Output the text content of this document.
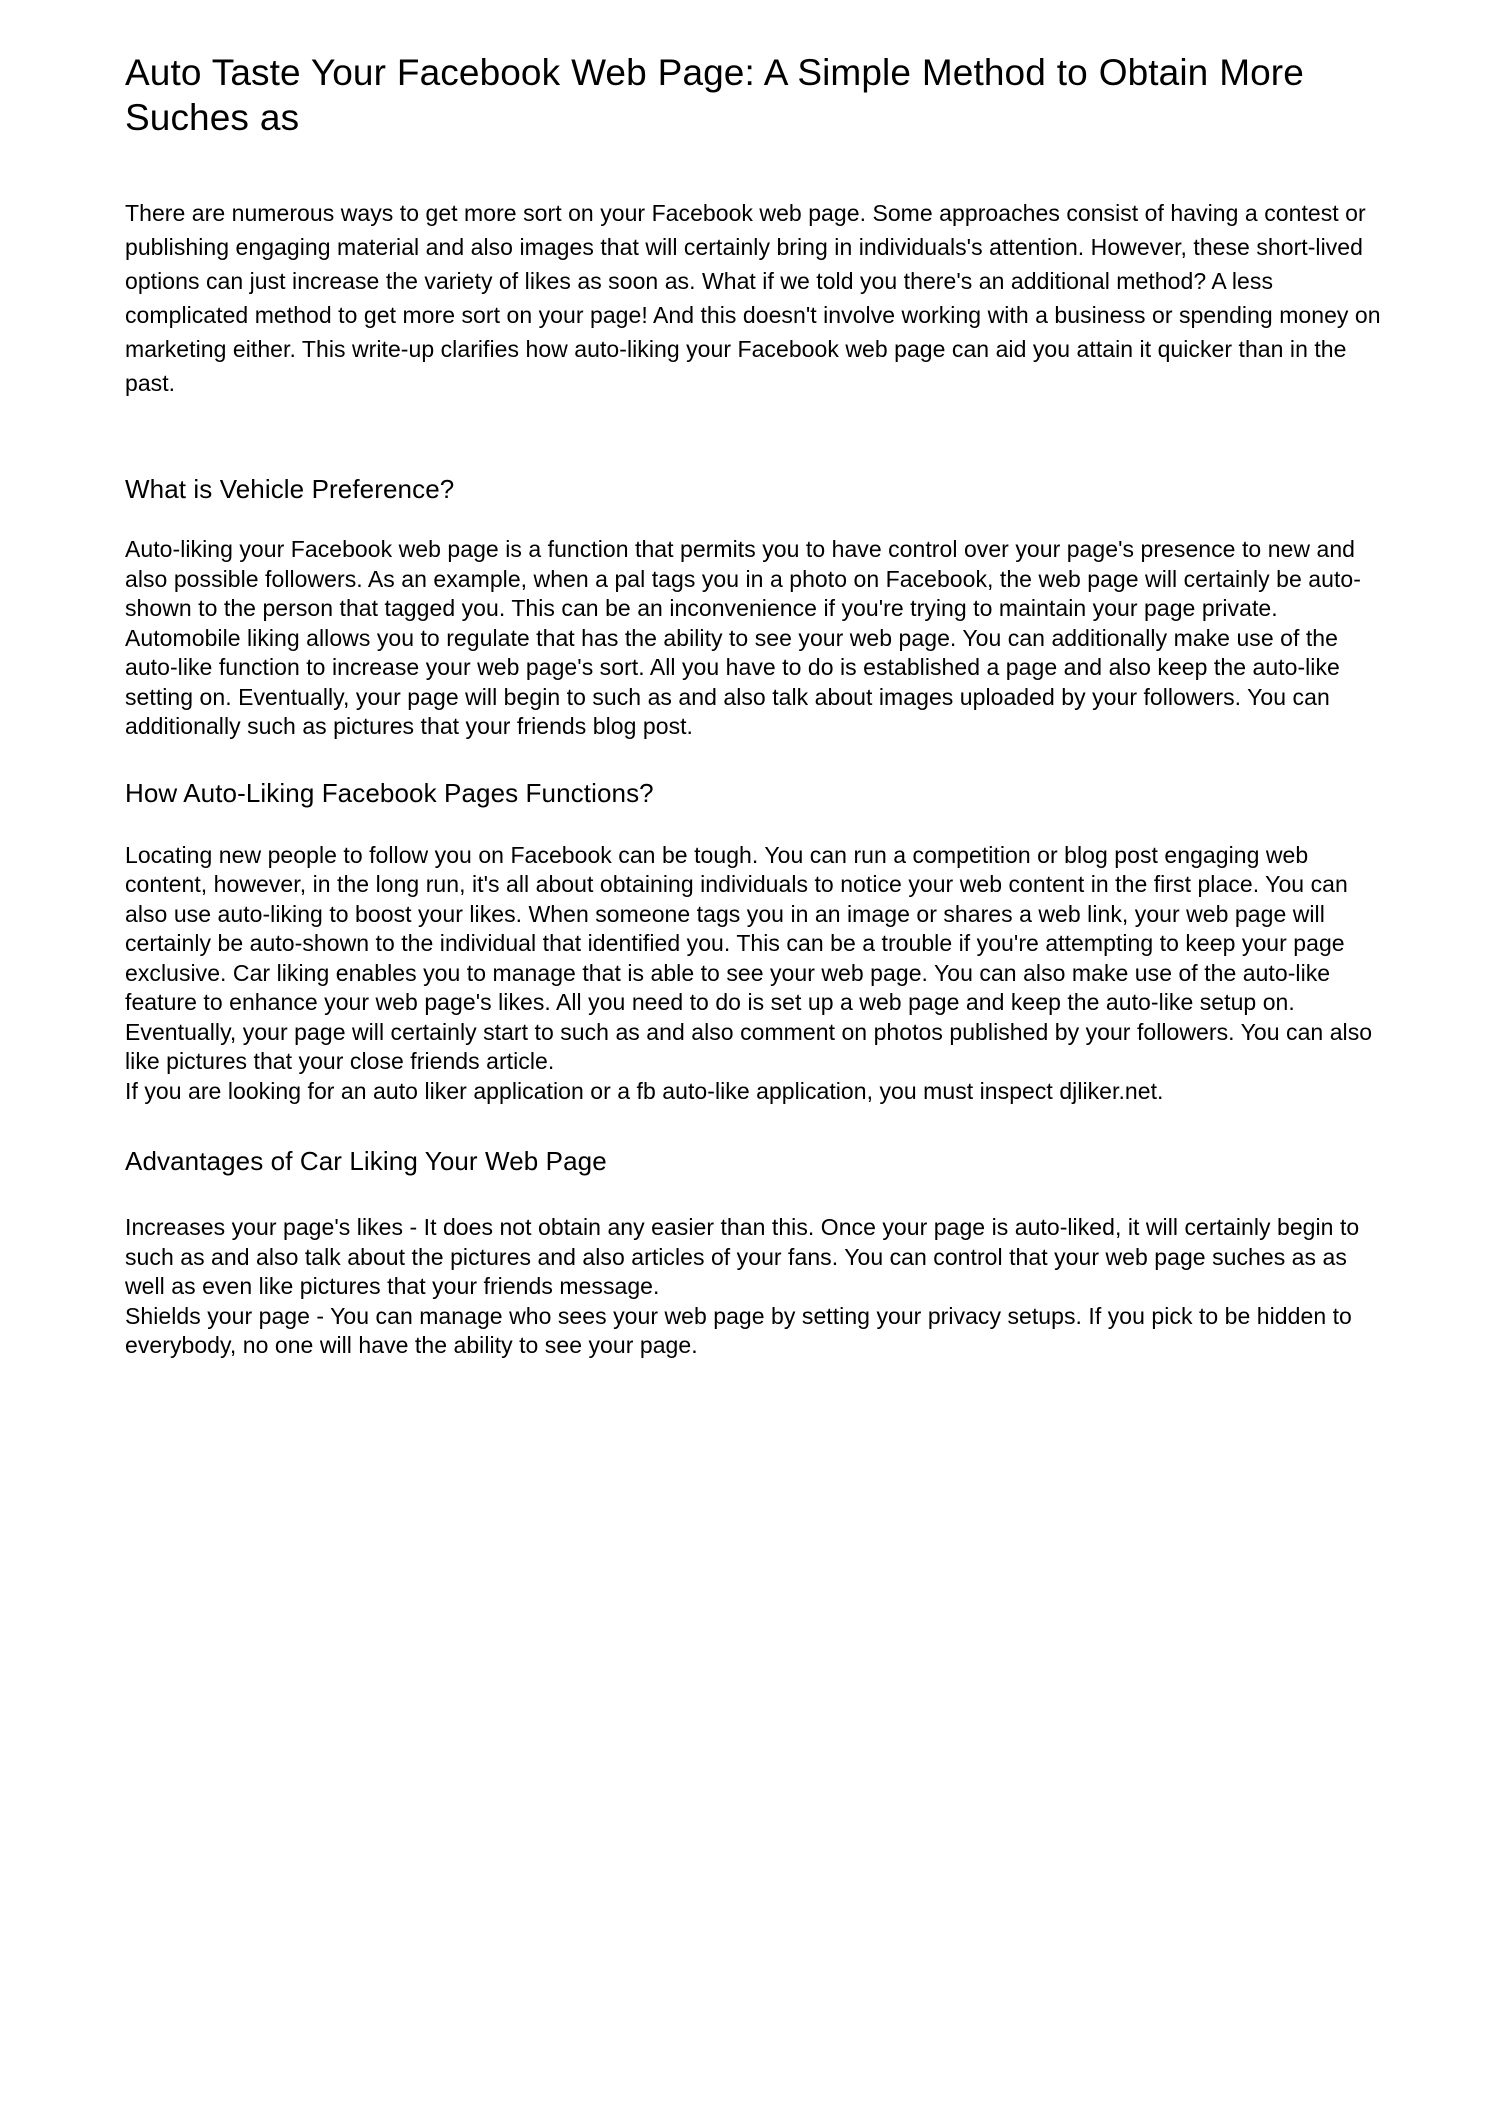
Auto Taste Your Facebook Web Page: A Simple Method to Obtain More Suches as

There are numerous ways to get more sort on your Facebook web page. Some approaches consist of having a contest or publishing engaging material and also images that will certainly bring in individuals's attention. However, these short-lived options can just increase the variety of likes as soon as. What if we told you there's an additional method? A less complicated method to get more sort on your page! And this doesn't involve working with a business or spending money on marketing either. This write-up clarifies how auto-liking your Facebook web page can aid you attain it quicker than in the past.

What is Vehicle Preference?

Auto-liking your Facebook web page is a function that permits you to have control over your page's presence to new and also possible followers. As an example, when a pal tags you in a photo on Facebook, the web page will certainly be auto-shown to the person that tagged you. This can be an inconvenience if you're trying to maintain your page private. Automobile liking allows you to regulate that has the ability to see your web page. You can additionally make use of the auto-like function to increase your web page's sort. All you have to do is established a page and also keep the auto-like setting on. Eventually, your page will begin to such as and also talk about images uploaded by your followers. You can additionally such as pictures that your friends blog post.

How Auto-Liking Facebook Pages Functions?

Locating new people to follow you on Facebook can be tough. You can run a competition or blog post engaging web content, however, in the long run, it's all about obtaining individuals to notice your web content in the first place. You can also use auto-liking to boost your likes. When someone tags you in an image or shares a web link, your web page will certainly be auto-shown to the individual that identified you. This can be a trouble if you're attempting to keep your page exclusive. Car liking enables you to manage that is able to see your web page. You can also make use of the auto-like feature to enhance your web page's likes. All you need to do is set up a web page and keep the auto-like setup on. Eventually, your page will certainly start to such as and also comment on photos published by your followers. You can also like pictures that your close friends article.

If you are looking for an auto liker application or a fb auto-like application, you must inspect djliker.net.

Advantages of Car Liking Your Web Page

Increases your page's likes - It does not obtain any easier than this. Once your page is auto-liked, it will certainly begin to such as and also talk about the pictures and also articles of your fans. You can control that your web page suches as as well as even like pictures that your friends message.

Shields your page - You can manage who sees your web page by setting your privacy setups. If you pick to be hidden to everybody, no one will have the ability to see your page.
